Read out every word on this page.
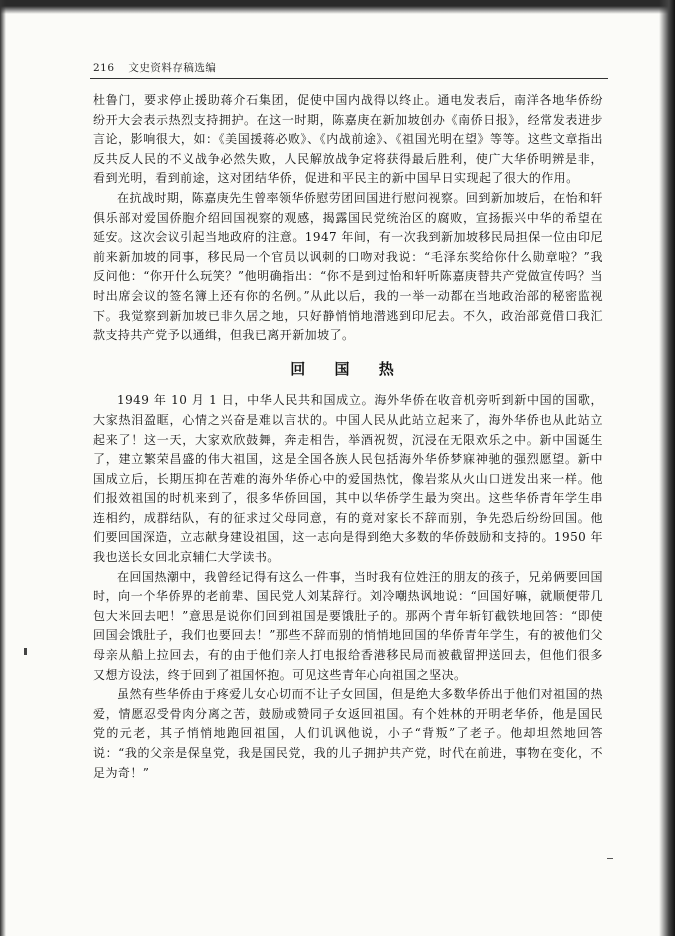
216 文史资料存稿选编

杜鲁门，要求停止援助蒋介石集团，促使中国内战得以终止。通电发表后，南洋各地华侨纷纷开大会表示热烈支持拥护。在这一时期，陈嘉庚在新加坡创办《南侨日报》，经常发表进步言论，影响很大，如：《美国援蒋必败》、《内战前途》、《祖国光明在望》等等。这些文章指出反共反人民的不义战争必然失败，人民解放战争定将获得最后胜利，使广大华侨明辨是非，看到光明，看到前途，这对团结华侨，促进和平民主的新中国早日实现起了很大的作用。

在抗战时期，陈嘉庚先生曾率领华侨慰劳团回国进行慰问视察。回到新加坡后，在怡和轩俱乐部对爱国侨胞介绍回国视察的观感，揭露国民党统治区的腐败，宣扬振兴中华的希望在延安。这次会议引起当地政府的注意。1947 年间，有一次我到新加坡移民局担保一位由印尼前来新加坡的同事，移民局一个官员以讽刺的口吻对我说：“毛泽东奖给你什么勋章啦？”我反问他：“你开什么玩笑？”他明确指出：“你不是到过怡和轩听陈嘉庚替共产党做宣传吗？当时出席会议的签名簿上还有你的名例。”从此以后，我的一举一动都在当地政治部的秘密监视下。我觉察到新加坡已非久居之地，只好静悄悄地潜逃到印尼去。不久，政治部竟借口我汇款支持共产党予以通缉，但我已离开新加坡了。

回 国 热

1949 年 10 月 1 日，中华人民共和国成立。海外华侨在收音机旁听到新中国的国歌，大家热泪盈眶，心情之兴奋是难以言状的。中国人民从此站立起来了，海外华侨也从此站立起来了！这一天，大家欢欣鼓舞，奔走相告，举酒祝贺，沉浸在无限欢乐之中。新中国诞生了，建立繁荣昌盛的伟大祖国，这是全国各族人民包括海外华侨梦寐神驰的强烈愿望。新中国成立后，长期压抑在苦难的海外华侨心中的爱国热忱，像岩浆从火山口迸发出来一样。他们报效祖国的时机来到了，很多华侨回国，其中以华侨学生最为突出。这些华侨青年学生串连相约，成群结队，有的征求过父母同意，有的竟对家长不辞而别，争先恐后纷纷回国。他们要回国深造，立志献身建设祖国，这一志向是得到绝大多数的华侨鼓励和支持的。1950 年我也送长女回北京辅仁大学读书。

在回国热潮中，我曾经记得有这么一件事，当时我有位姓汪的朋友的孩子，兄弟俩要回国时，向一个华侨界的老前辈、国民党人刘某辞行。刘冷嘲热讽地说：“回国好嘛，就顺便带几包大米回去吧！”意思是说你们回到祖国是要饿肚子的。那两个青年斩钉截铁地回答：“即使回国会饿肚子，我们也要回去！”那些不辞而别的悄悄地回国的华侨青年学生，有的被他们父母亲从船上拉回去，有的由于他们亲人打电报给香港移民局而被截留押送回去，但他们很多又想方设法，终于回到了祖国怀抱。可见这些青年心向祖国之坚决。

虽然有些华侨由于疼爱儿女心切而不让子女回国，但是绝大多数华侨出于他们对祖国的热爱，情愿忍受骨肉分离之苦，鼓励或赞同子女返回祖国。有个姓林的开明老华侨，他是国民党的元老，其子悄悄地跑回祖国，人们讥讽他说，小子“背叛”了老子。他却坦然地回答说：“我的父亲是保皇党，我是国民党，我的儿子拥护共产党，时代在前进，事物在变化，不足为奇！”
